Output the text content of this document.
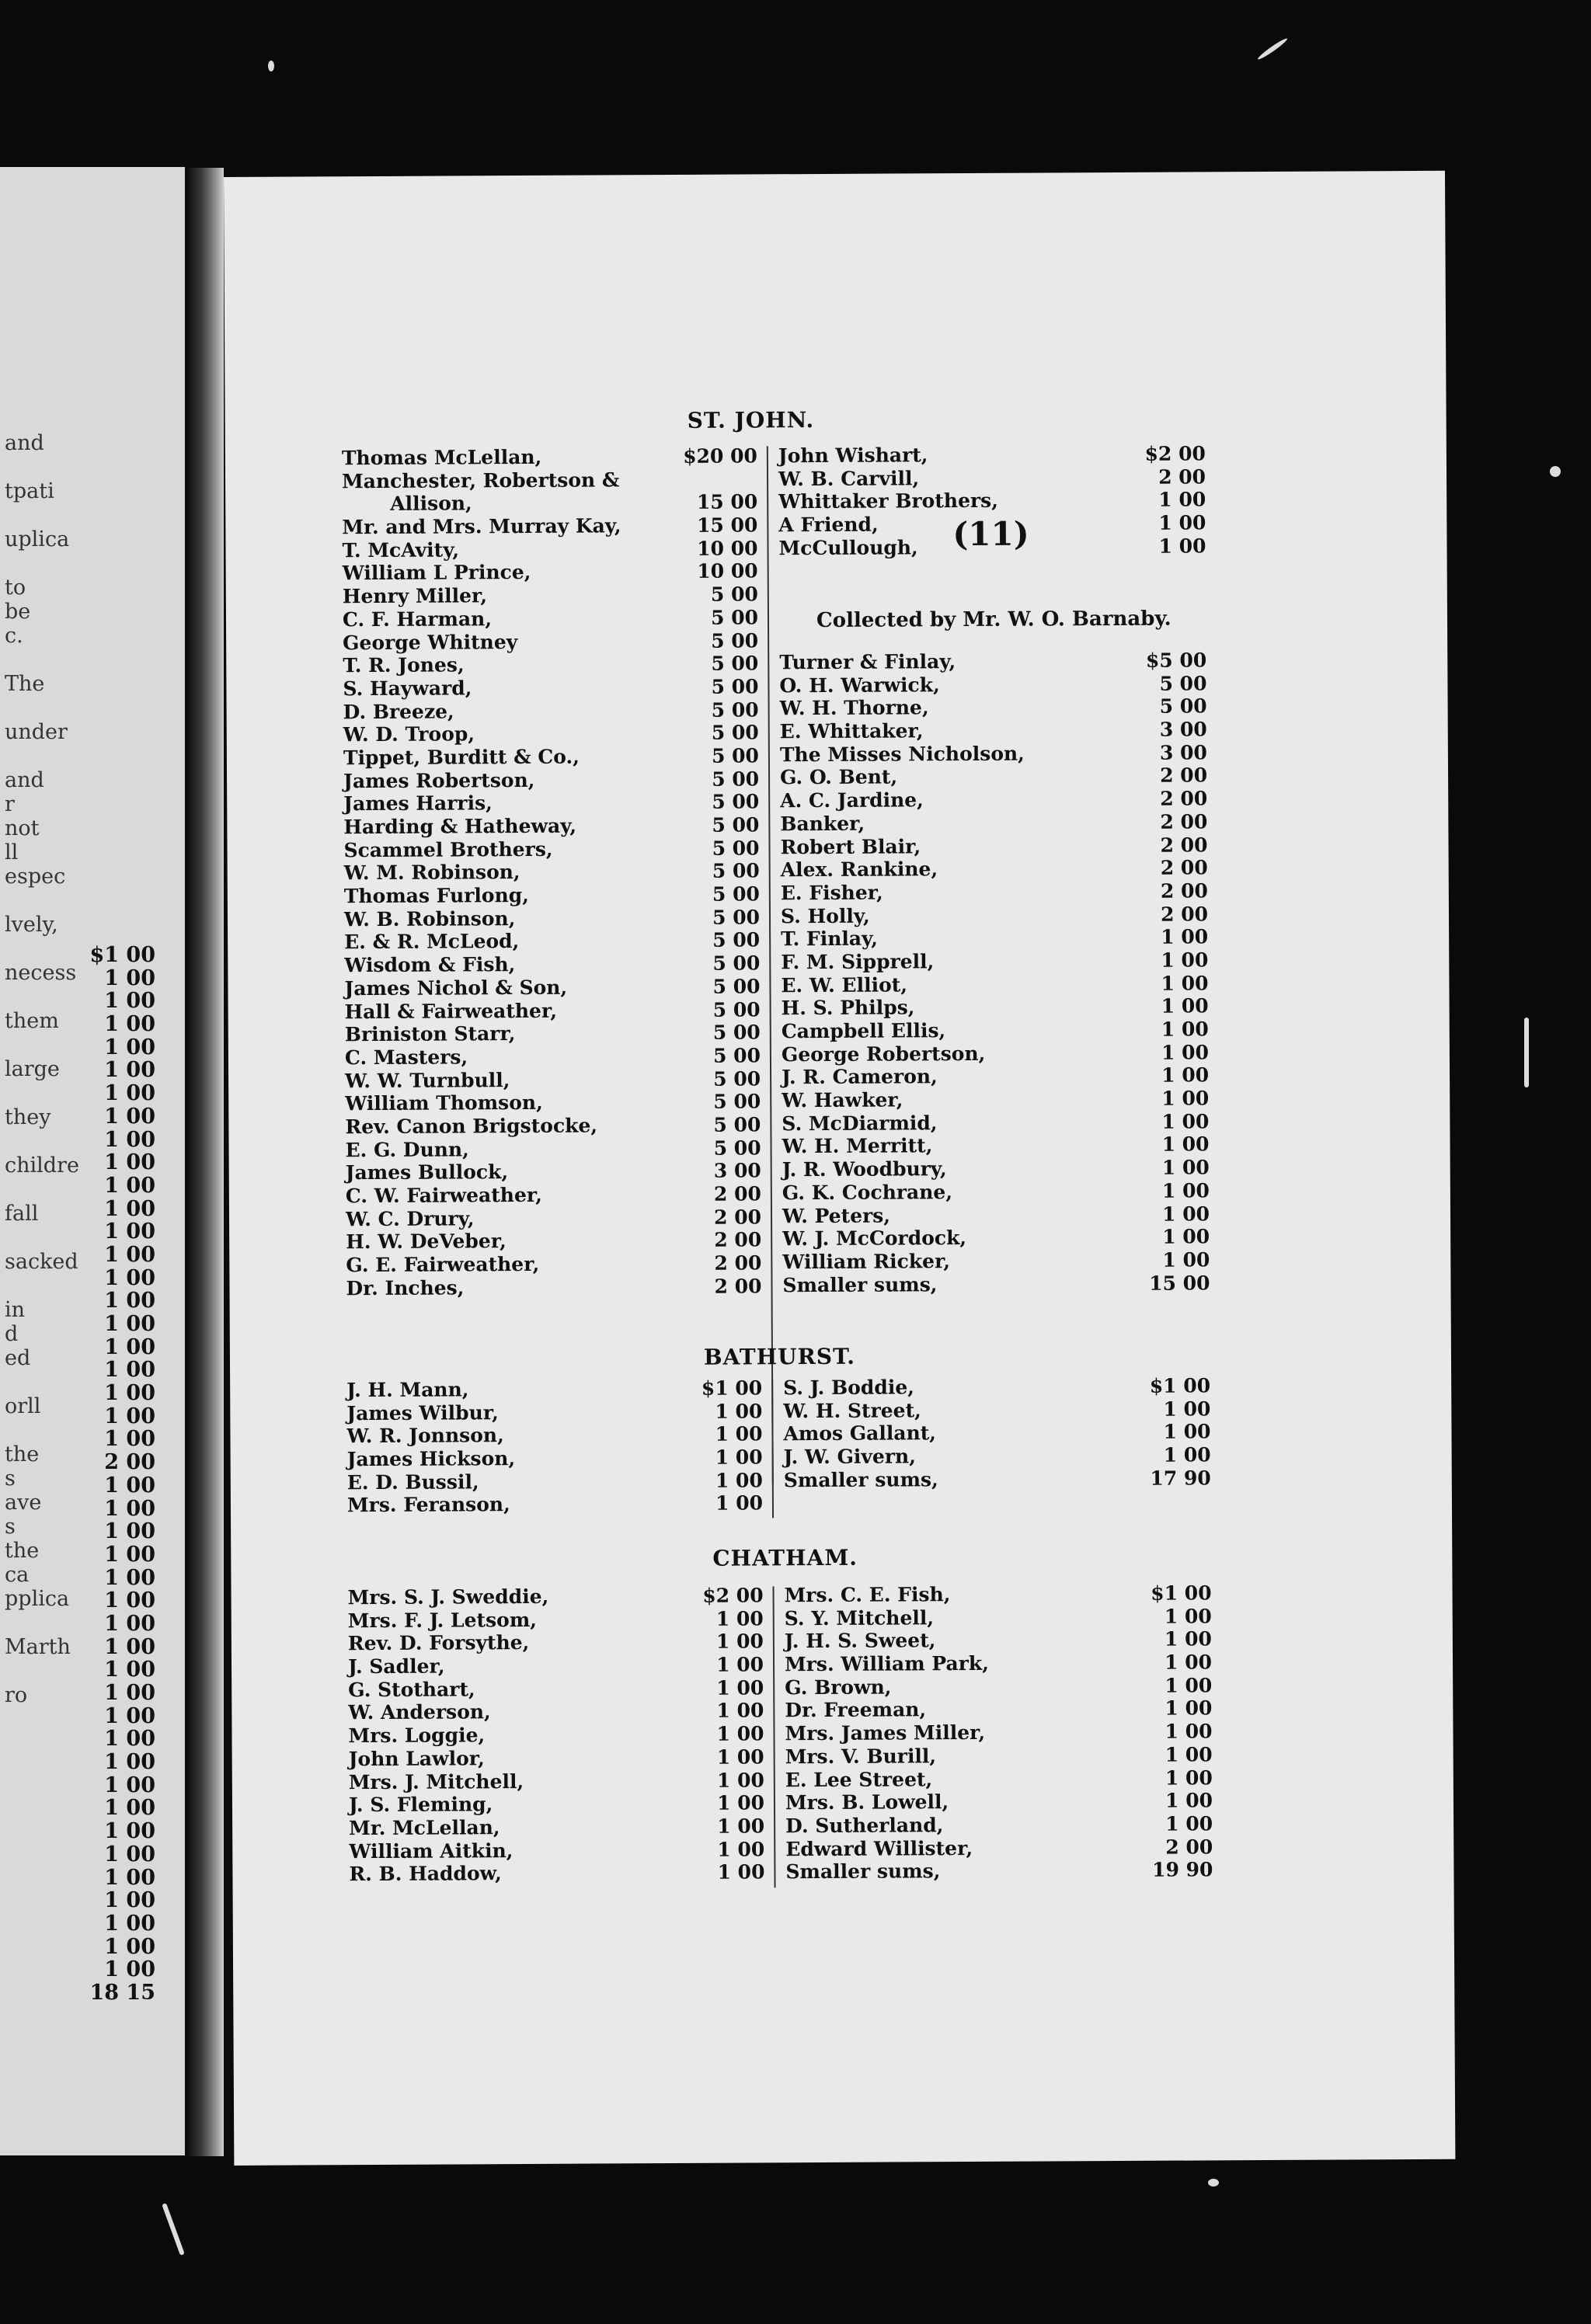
and
tpati
uplica
to be
c.
The
under
and r
not ll
espec
lvely,
necess
them
large
they
childre
fall
sacked
in d
ed
orll
the s
ave s
the ca
pplica
Marth
ro
$1 00
1 00
1 00
1 00
1 00
1 00
1 00
1 00
1 00
1 00
1 00
1 00
1 00
1 00
1 00
1 00
1 00
1 00
1 00
1 00
1 00
1 00
2 00
1 00
1 00
1 00
1 00
1 00
1 00
1 00
1 00
1 00
1 00
1 00
1 00
1 00
1 00
1 00
1 00
1 00
1 00
1 00
1 00
1 00
1 00
18 15
(11)
ST. JOHN.
Thomas McLellan,	$20 00
Manchester, Robertson &
Allison,	15 00
Mr. and Mrs. Murray Kay,	15 00
T. McAvity,	10 00
William L Prince,	10 00
Henry Miller,	5 00
C. F. Harman,	5 00
George Whitney	5 00
T. R. Jones,	5 00
S. Hayward,	5 00
D. Breeze,	5 00
W. D. Troop,	5 00
Tippet, Burditt & Co.,	5 00
James Robertson,	5 00
James Harris,	5 00
Harding & Hatheway,	5 00
Scammel Brothers,	5 00
W. M. Robinson,	5 00
Thomas Furlong,	5 00
W. B. Robinson,	5 00
E. & R. McLeod,	5 00
Wisdom & Fish,	5 00
James Nichol & Son,	5 00
Hall & Fairweather,	5 00
Briniston Starr,	5 00
C. Masters,	5 00
W. W. Turnbull,	5 00
William Thomson,	5 00
Rev. Canon Brigstocke,	5 00
E. G. Dunn,	5 00
James Bullock,	3 00
C. W. Fairweather,	2 00
W. C. Drury,	2 00
H. W. DeVeber,	2 00
G. E. Fairweather,	2 00
Dr. Inches,	2 00
John Wishart,	$2 00
W. B. Carvill,	2 00
Whittaker Brothers,	1 00
A Friend,	1 00
McCullough,	1 00
Collected by Mr. W. O. Barnaby.
Turner & Finlay,	$5 00
O. H. Warwick,	5 00
W. H. Thorne,	5 00
E. Whittaker,	3 00
The Misses Nicholson,	3 00
G. O. Bent,	2 00
A. C. Jardine,	2 00
Banker,	2 00
Robert Blair,	2 00
Alex. Rankine,	2 00
E. Fisher,	2 00
S. Holly,	2 00
T. Finlay,	1 00
F. M. Sipprell,	1 00
E. W. Elliot,	1 00
H. S. Philps,	1 00
Campbell Ellis,	1 00
George Robertson,	1 00
J. R. Cameron,	1 00
W. Hawker,	1 00
S. McDiarmid,	1 00
W. H. Merritt,	1 00
J. R. Woodbury,	1 00
G. K. Cochrane,	1 00
W. Peters,	1 00
W. J. McCordock,	1 00
William Ricker,	1 00
Smaller sums,	15 00
BATHURST.
J. H. Mann,	$1 00
James Wilbur,	1 00
W. R. Jonnson,	1 00
James Hickson,	1 00
E. D. Bussil,	1 00
Mrs. Feranson,	1 00
S. J. Boddie,	$1 00
W. H. Street,	1 00
Amos Gallant,	1 00
J. W. Givern,	1 00
Smaller sums,	17 90
CHATHAM.
Mrs. S. J. Sweddie,	$2 00
Mrs. F. J. Letsom,	1 00
Rev. D. Forsythe,	1 00
J. Sadler,	1 00
G. Stothart,	1 00
W. Anderson,	1 00
Mrs. Loggie,	1 00
John Lawlor,	1 00
Mrs. J. Mitchell,	1 00
J. S. Fleming,	1 00
Mr. McLellan,	1 00
William Aitkin,	1 00
R. B. Haddow,	1 00
Mrs. C. E. Fish,	$1 00
S. Y. Mitchell,	1 00
J. H. S. Sweet,	1 00
Mrs. William Park,	1 00
G. Brown,	1 00
Dr. Freeman,	1 00
Mrs. James Miller,	1 00
Mrs. V. Burill,	1 00
E. Lee Street,	1 00
Mrs. B. Lowell,	1 00
D. Sutherland,	1 00
Edward Willister,	2 00
Smaller sums,	19 90
